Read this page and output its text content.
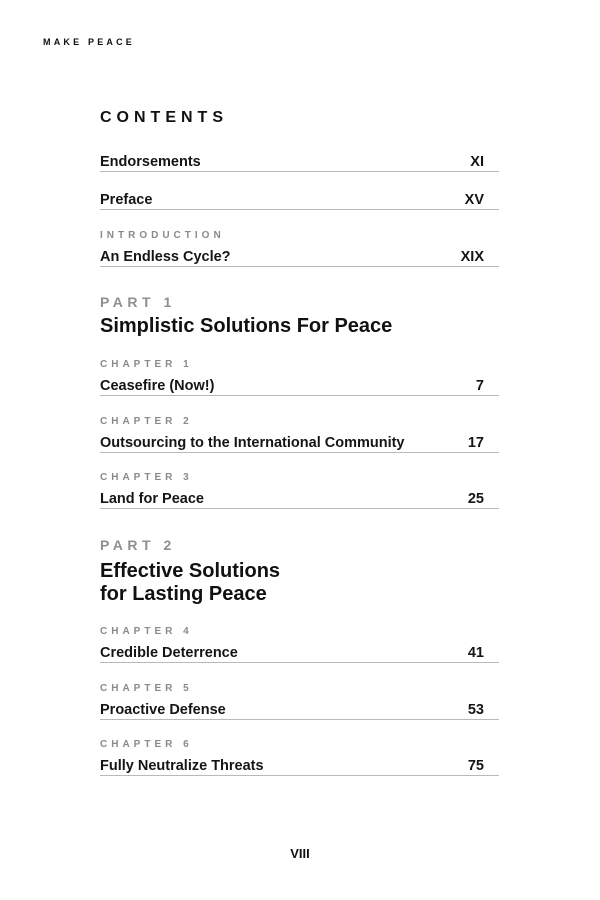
MAKE PEACE
CONTENTS
Endorsements	XI
Preface	XV
INTRODUCTION
An Endless Cycle?	XIX
PART 1
Simplistic Solutions For Peace
CHAPTER 1
Ceasefire (Now!)	7
CHAPTER 2
Outsourcing to the International Community	17
CHAPTER 3
Land for Peace	25
PART 2
Effective Solutions
for Lasting Peace
CHAPTER 4
Credible Deterrence	41
CHAPTER 5
Proactive Defense	53
CHAPTER 6
Fully Neutralize Threats	75
VIII
